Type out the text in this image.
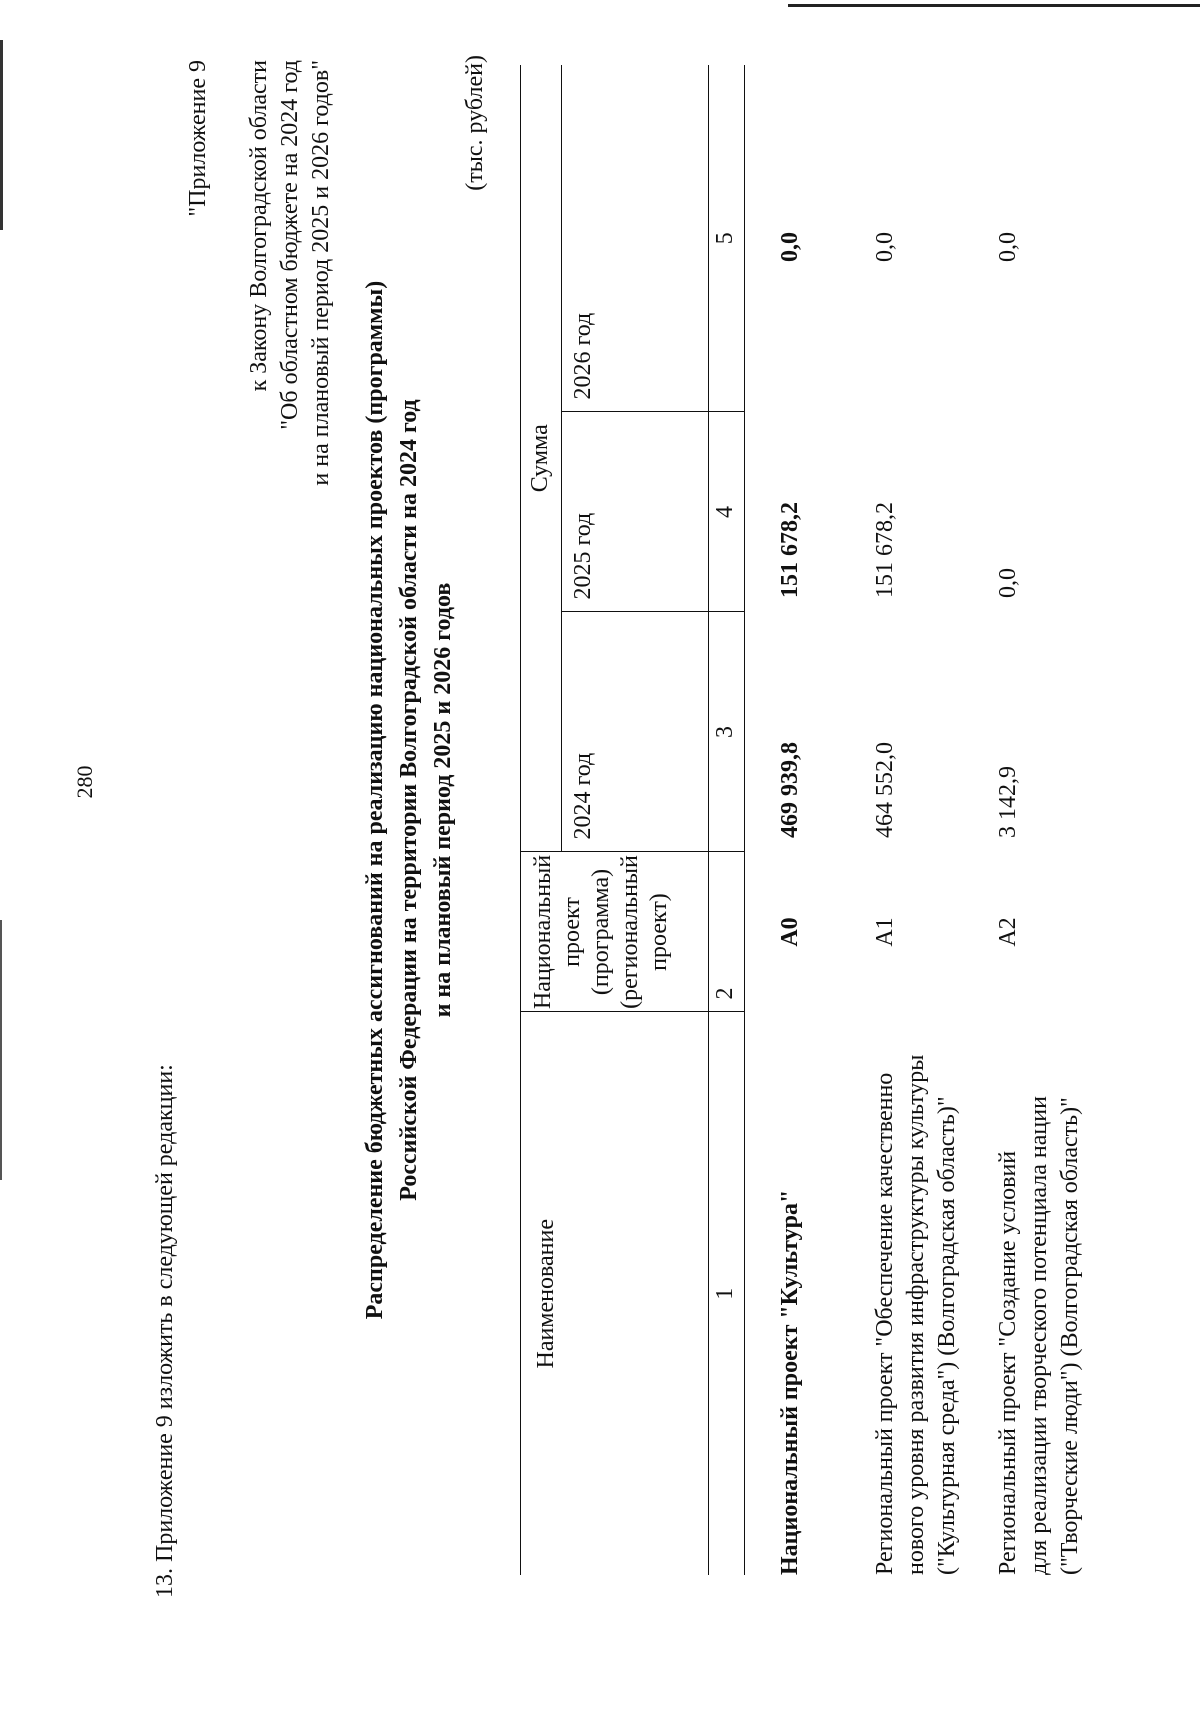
280
13. Приложение 9 изложить в следующей редакции:
"Приложение 9 к Закону Волгоградской области "Об областном бюджете на 2024 год и на плановый период 2025 и 2026 годов"
Распределение бюджетных ассигнований на реализацию национальных проектов (программы) Российской Федерации на территории Волгоградской области на 2024 год и на плановый период 2025 и 2026 годов
(тыс. рублей)
Наименование	Национальный проект (программа) (региональный проект)	Сумма		
		2024 год	2025 год	2026 год
1	2	3	4	5

Национальный проект "Культура"	А0	469 939,8	151 678,2	0,0

Региональный проект "Обеспечение качественно нового уровня развития инфраструктуры культуры ("Культурная среда") (Волгоградская область)"	А1	464 552,0	151 678,2	0,0

Региональный проект "Создание условий для реализации творческого потенциала нации ("Творческие люди") (Волгоградская область)"	А2	3 142,9	0,0	0,0
